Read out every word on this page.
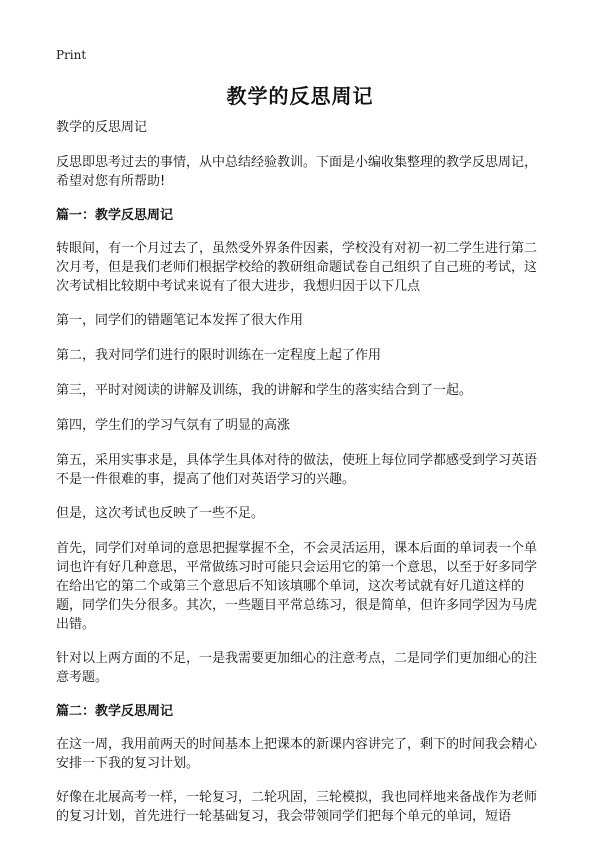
Print
教学的反思周记

教学的反思周记

反思即思考过去的事情，从中总结经验教训。下面是小编收集整理的教学反思周记，希望对您有所帮助!

篇一：教学反思周记

转眼间，有一个月过去了，虽然受外界条件因素，学校没有对初一初二学生进行第二次月考，但是我们老师们根据学校给的教研组命题试卷自己组织了自己班的考试，这次考试相比较期中考试来说有了很大进步，我想归因于以下几点

第一，同学们的错题笔记本发挥了很大作用

第二，我对同学们进行的限时训练在一定程度上起了作用

第三，平时对阅读的讲解及训练，我的讲解和学生的落实结合到了一起。

第四，学生们的学习气氛有了明显的高涨

第五，采用实事求是，具体学生具体对待的做法，使班上每位同学都感受到学习英语不是一件很难的事，提高了他们对英语学习的兴趣。

但是，这次考试也反映了一些不足。

首先，同学们对单词的意思把握掌握不全，不会灵活运用，课本后面的单词表一个单词也许有好几种意思，平常做练习时可能只会运用它的第一个意思，以至于好多同学在给出它的第二个或第三个意思后不知该填哪个单词，这次考试就有好几道这样的题，同学们失分很多。其次，一些题目平常总练习，很是简单，但许多同学因为马虎出错。

针对以上两方面的不足，一是我需要更加细心的注意考点，二是同学们更加细心的注意考题。

篇二：教学反思周记

在这一周，我用前两天的时间基本上把课本的新课内容讲完了，剩下的时间我会精心安排一下我的复习计划。

好像在北展高考一样，一轮复习，二轮巩固，三轮模拟，我也同样地来备战作为老师的复习计划，首先进行一轮基础复习，我会带领同学们把每个单元的单词，短语
